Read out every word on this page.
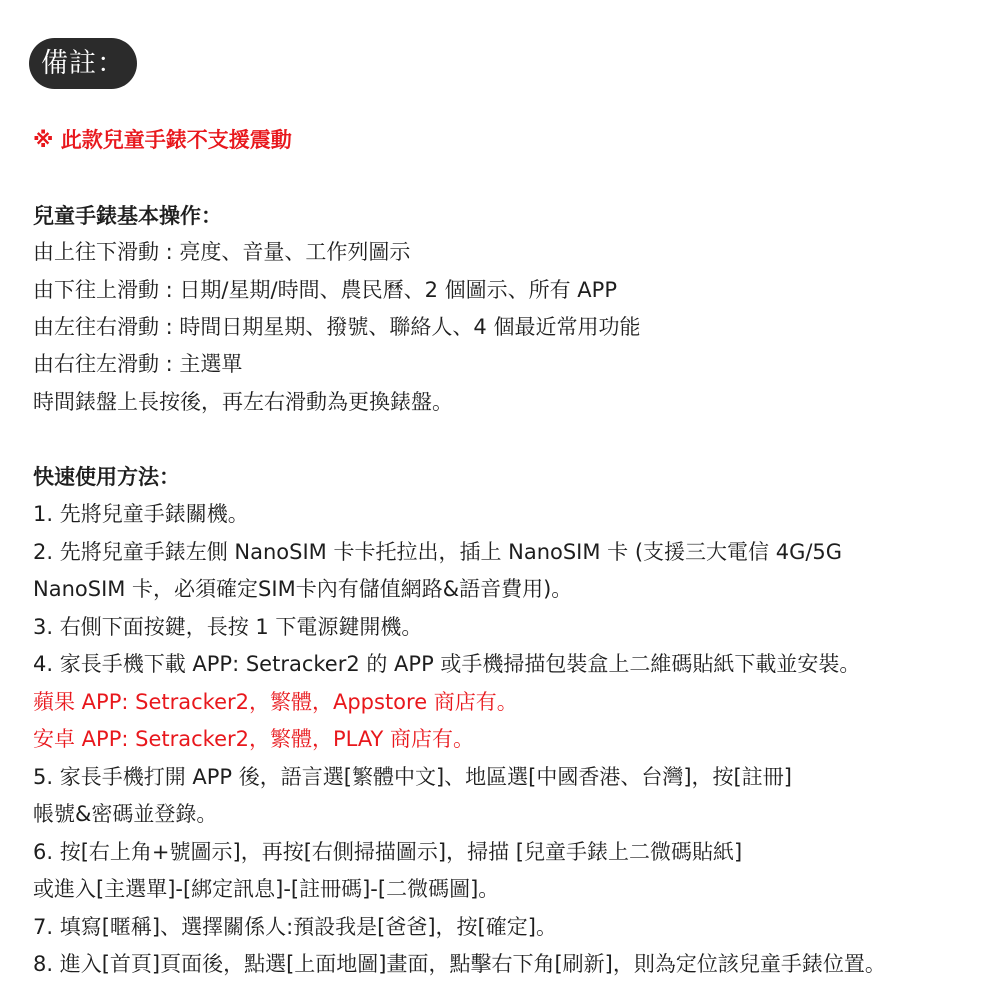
備註：
※ 此款兒童手錶不支援震動
兒童手錶基本操作：
由上往下滑動 : 亮度、音量、工作列圖示
由下往上滑動 : 日期/星期/時間、農民曆、2 個圖示、所有 APP
由左往右滑動 : 時間日期星期、撥號、聯絡人、4 個最近常用功能
由右往左滑動 : 主選單
時間錶盤上長按後，再左右滑動為更換錶盤。
快速使用方法：
1. 先將兒童手錶關機。
2. 先將兒童手錶左側 NanoSIM 卡卡托拉出，插上 NanoSIM 卡 (支援三大電信 4G/5G
NanoSIM 卡，必須確定SIM卡內有儲值網路&語音費用)。
3. 右側下面按鍵，長按 1 下電源鍵開機。
4. 家長手機下載 APP: Setracker2 的 APP 或手機掃描包裝盒上二維碼貼紙下載並安裝。
蘋果 APP: Setracker2，繁體，Appstore 商店有。
安卓 APP: Setracker2，繁體，PLAY 商店有。
5. 家長手機打開 APP 後，語言選[繁體中文]、地區選[中國香港、台灣]，按[註冊]
帳號&密碼並登錄。
6. 按[右上角+號圖示]，再按[右側掃描圖示]，掃描 [兒童手錶上二微碼貼紙]
或進入[主選單]-[綁定訊息]-[註冊碼]-[二微碼圖]。
7. 填寫[暱稱]、選擇關係人:預設我是[爸爸]，按[確定]。
8. 進入[首頁]頁面後，點選[上面地圖]畫面，點擊右下角[刷新]，則為定位該兒童手錶位置。
